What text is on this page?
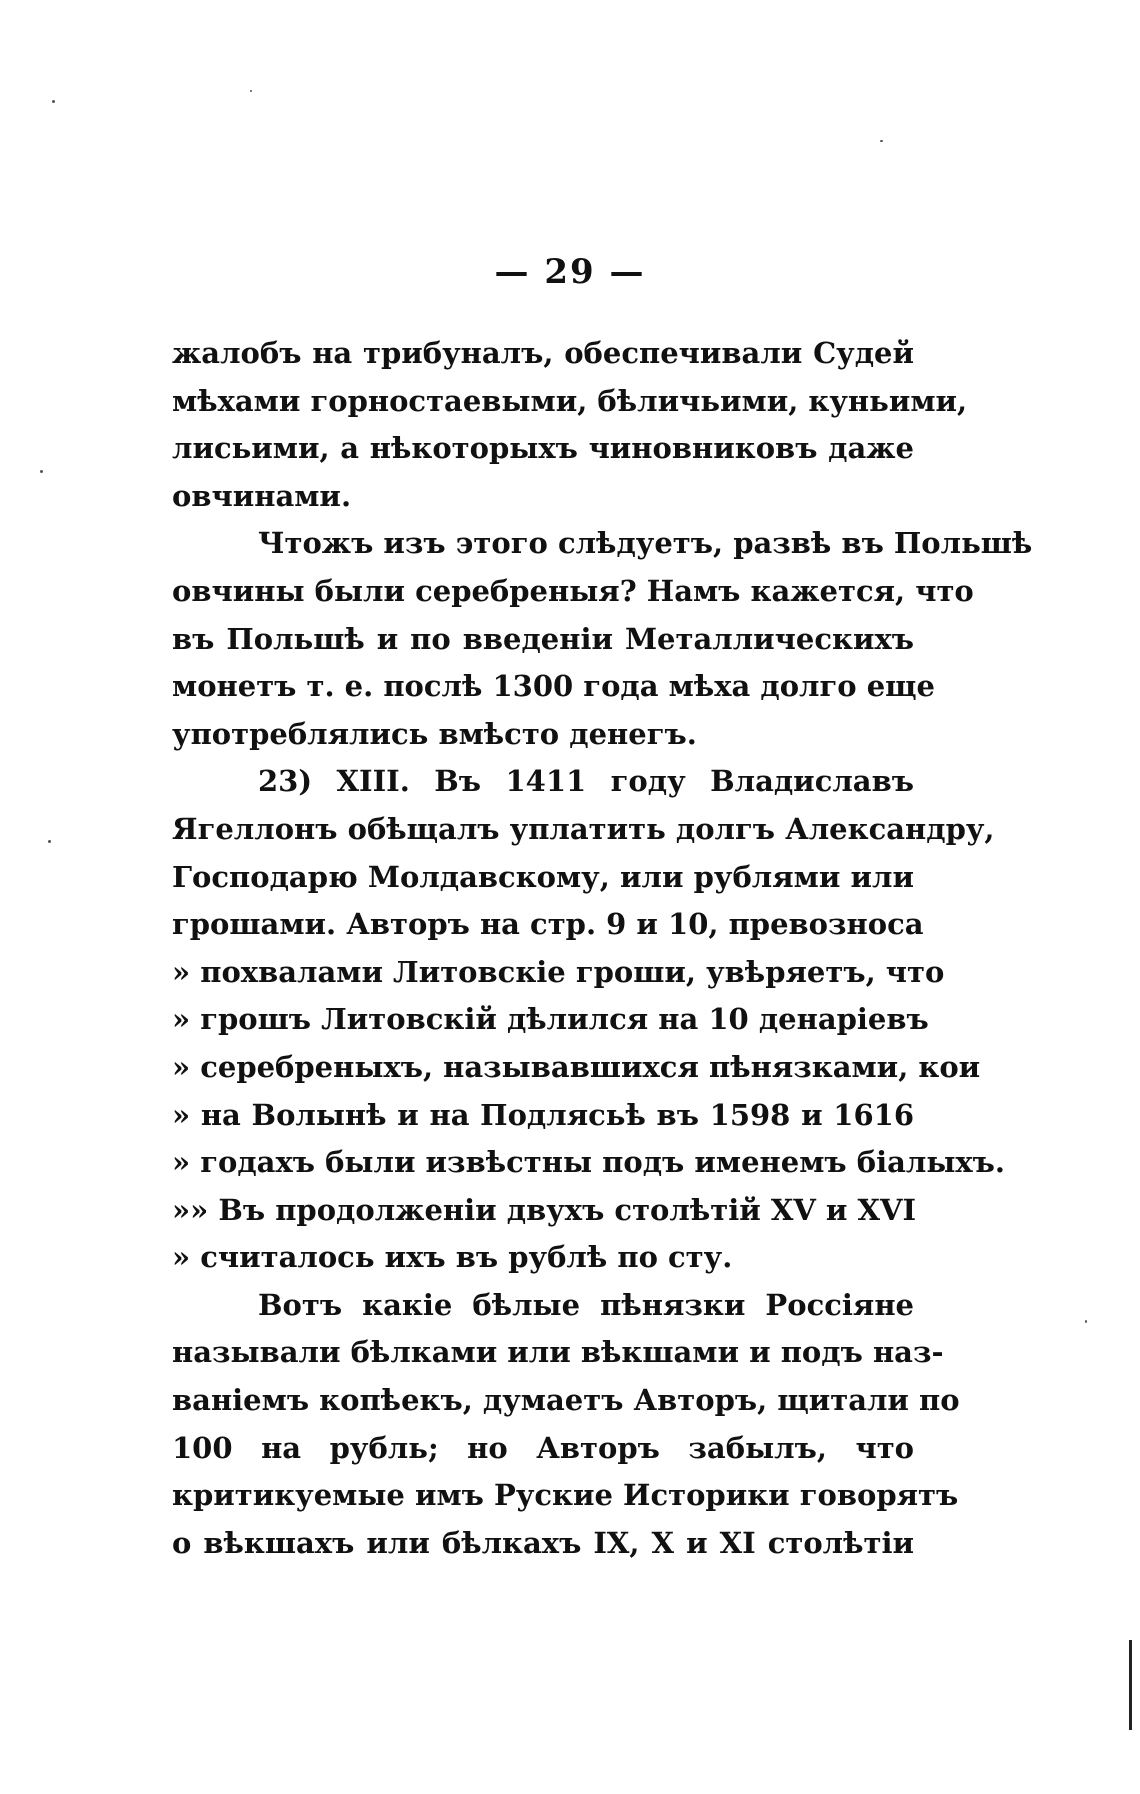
— 29 —
жалобъ на трибуналъ, обеспечивали Судей
мѣхами горностаевыми, бѣличьими, куньими,
лисьими, а нѣкоторыхъ чиновниковъ даже
овчинами.
Чтожъ изъ этого слѣдуетъ, развѣ въ Польшѣ
овчины были серебреныя? Намъ кажется, что
въ Польшѣ и по введенiи Металлическихъ
монетъ т. е. послѣ 1300 года мѣха долго еще
употреблялись вмѣсто денегъ.
23) XIII. Въ 1411 году Владиславъ
Ягеллонъ обѣщалъ уплатить долгъ Александру,
Господарю Молдавскому, или рублями или
грошами. Авторъ на стр. 9 и 10, превозноса
» похвалами Литовскiе гроши, увѣряетъ, что
» грошъ Литовскiй дѣлился на 10 денарiевъ
» серебреныхъ, называвшихся пѣнязками, кои
» на Волынѣ и на Подлясьѣ въ 1598 и 1616
» годахъ были извѣстны подъ именемъ бiалыхъ.
»» Въ продолженiи двухъ столѣтiй XV и XVI
» считалось ихъ въ рублѣ по сту.
Вотъ какiе бѣлые пѣнязки Россiяне
называли бѣлками или вѣкшами и подъ наз-
ванiемъ копѣекъ, думаетъ Авторъ, щитали по
100 на рубль; но Авторъ забылъ, что
критикуемые имъ Руские Историки говорятъ
о вѣкшахъ или бѣлкахъ IX, X и XI столѣтiи
